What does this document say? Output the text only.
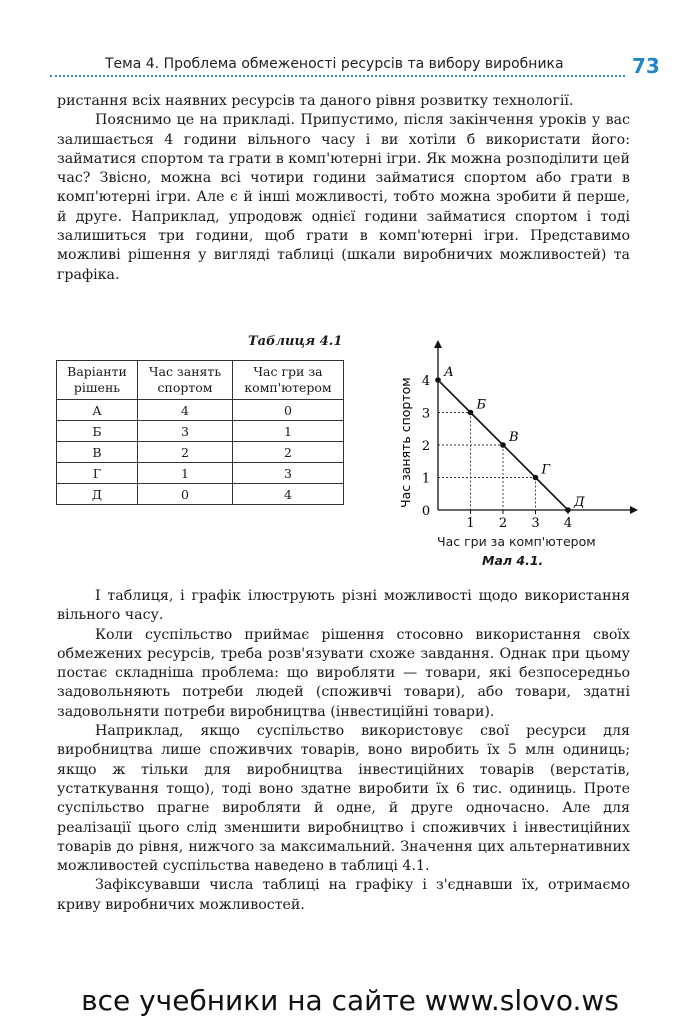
Тема 4. Проблема обмеженості ресурсів та вибору виробника	73

ристання всіх наявних ресурсів та даного рівня розвитку технології.

Пояснимо це на прикладі. Припустимо, після закінчення уроків у вас залишається 4 години вільного часу і ви хотіли б використати його: займатися спортом та грати в комп'ютерні ігри. Як можна розподілити цей час? Звісно, можна всі чотири години займатися спортом або грати в комп'ютерні ігри. Але є й інші можливості, тобто можна зробити й перше, й друге. Наприклад, упродовж однієї години займатися спортом і тоді залишиться три години, щоб грати в комп'ютерні ігри. Представимо можливі рішення у вигляді таблиці (шкали виробничих можливостей) та графіка.

Таблиця 4.1
Варіанти рішень	Час занять спортом	Час гри за комп'ютером
А	4	0
Б	3	1
В	2	2
Г	1	3
Д	0	4	Час занять спортом
1 2 3 4
0
1
2
3
4
А
Б
В
Г
Д
Час гри за комп'ютером
Мал 4.1.

І таблиця, і графік ілюструють різні можливості щодо використання вільного часу.

Коли суспільство приймає рішення стосовно використання своїх обмежених ресурсів, треба розв'язувати схоже завдання. Однак при цьому постає складніша проблема: що виробляти — товари, які безпосередньо задовольняють потреби людей (споживчі товари), або товари, здатні задовольняти потреби виробництва (інвестиційні товари).

Наприклад, якщо суспільство використовує свої ресурси для виробництва лише споживчих товарів, воно виробить їх 5 млн одиниць; якщо ж тільки для виробництва інвестиційних товарів (верстатів, устаткування тощо), тоді воно здатне виробити їх 6 тис. одиниць. Проте суспільство прагне виробляти й одне, й друге одночасно. Але для реалізації цього слід зменшити виробництво і споживчих і інвестиційних товарів до рівня, нижчого за максимальний. Значення цих альтернативних можливостей суспільства наведено в таблиці 4.1.

Зафіксувавши числа таблиці на графіку і з'єднавши їх, отримаємо криву виробничих можливостей.

все учебники на сайте www.slovo.ws
